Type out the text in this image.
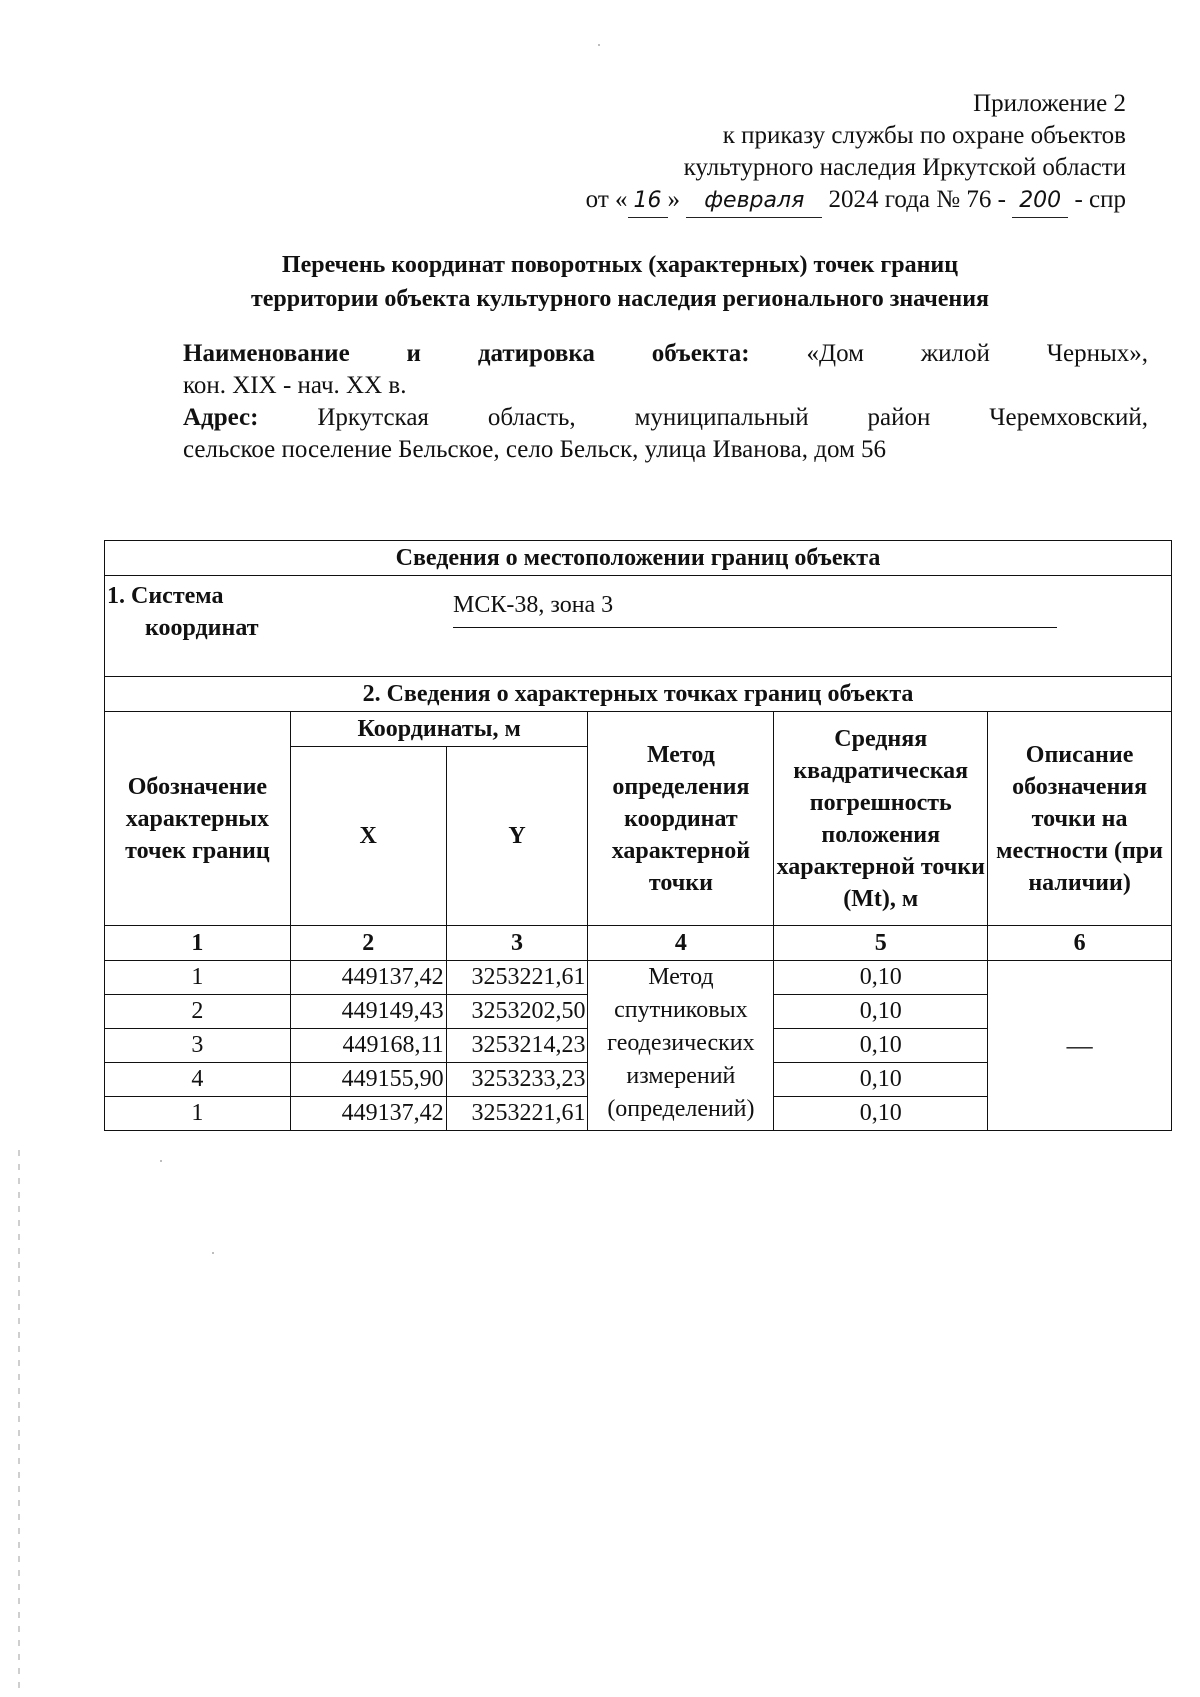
Приложение 2
к приказу службы по охране объектов
культурного наследия Иркутской области
от « 16 » февраля 2024 года № 76 - 200 - спр
Перечень координат поворотных (характерных) точек границ
территории объекта культурного наследия регионального значения
Наименование и датировка объекта: «Дом жилой Черных»,
кон. XIX - нач. XX в.
Адрес: Иркутская область, муниципальный район Черемховский,
сельское поселение Бельское, село Бельск, улица Иванова, дом 56
Сведения о местоположении границ объекта					

1. Система
координат
МСК-38, зона 3					

2. Сведения о характерных точках границ объекта					
Обозначение характерных точек границ	Координаты, м		Метод определения координат характерной точки	Средняя квадратическая погрешность положения характерной точки (Mt), м	Описание обозначения точки на местности (при наличии)
	X	Y			
1	2	3	4	5	6
1	449137,42	3253221,61	Метод
спутниковых
геодезических
измерений
(определений)	0,10	—
2	449149,43	3253202,50		0,10	
3	449168,11	3253214,23		0,10	
4	449155,90	3253233,23		0,10	
1	449137,42	3253221,61		0,10	
